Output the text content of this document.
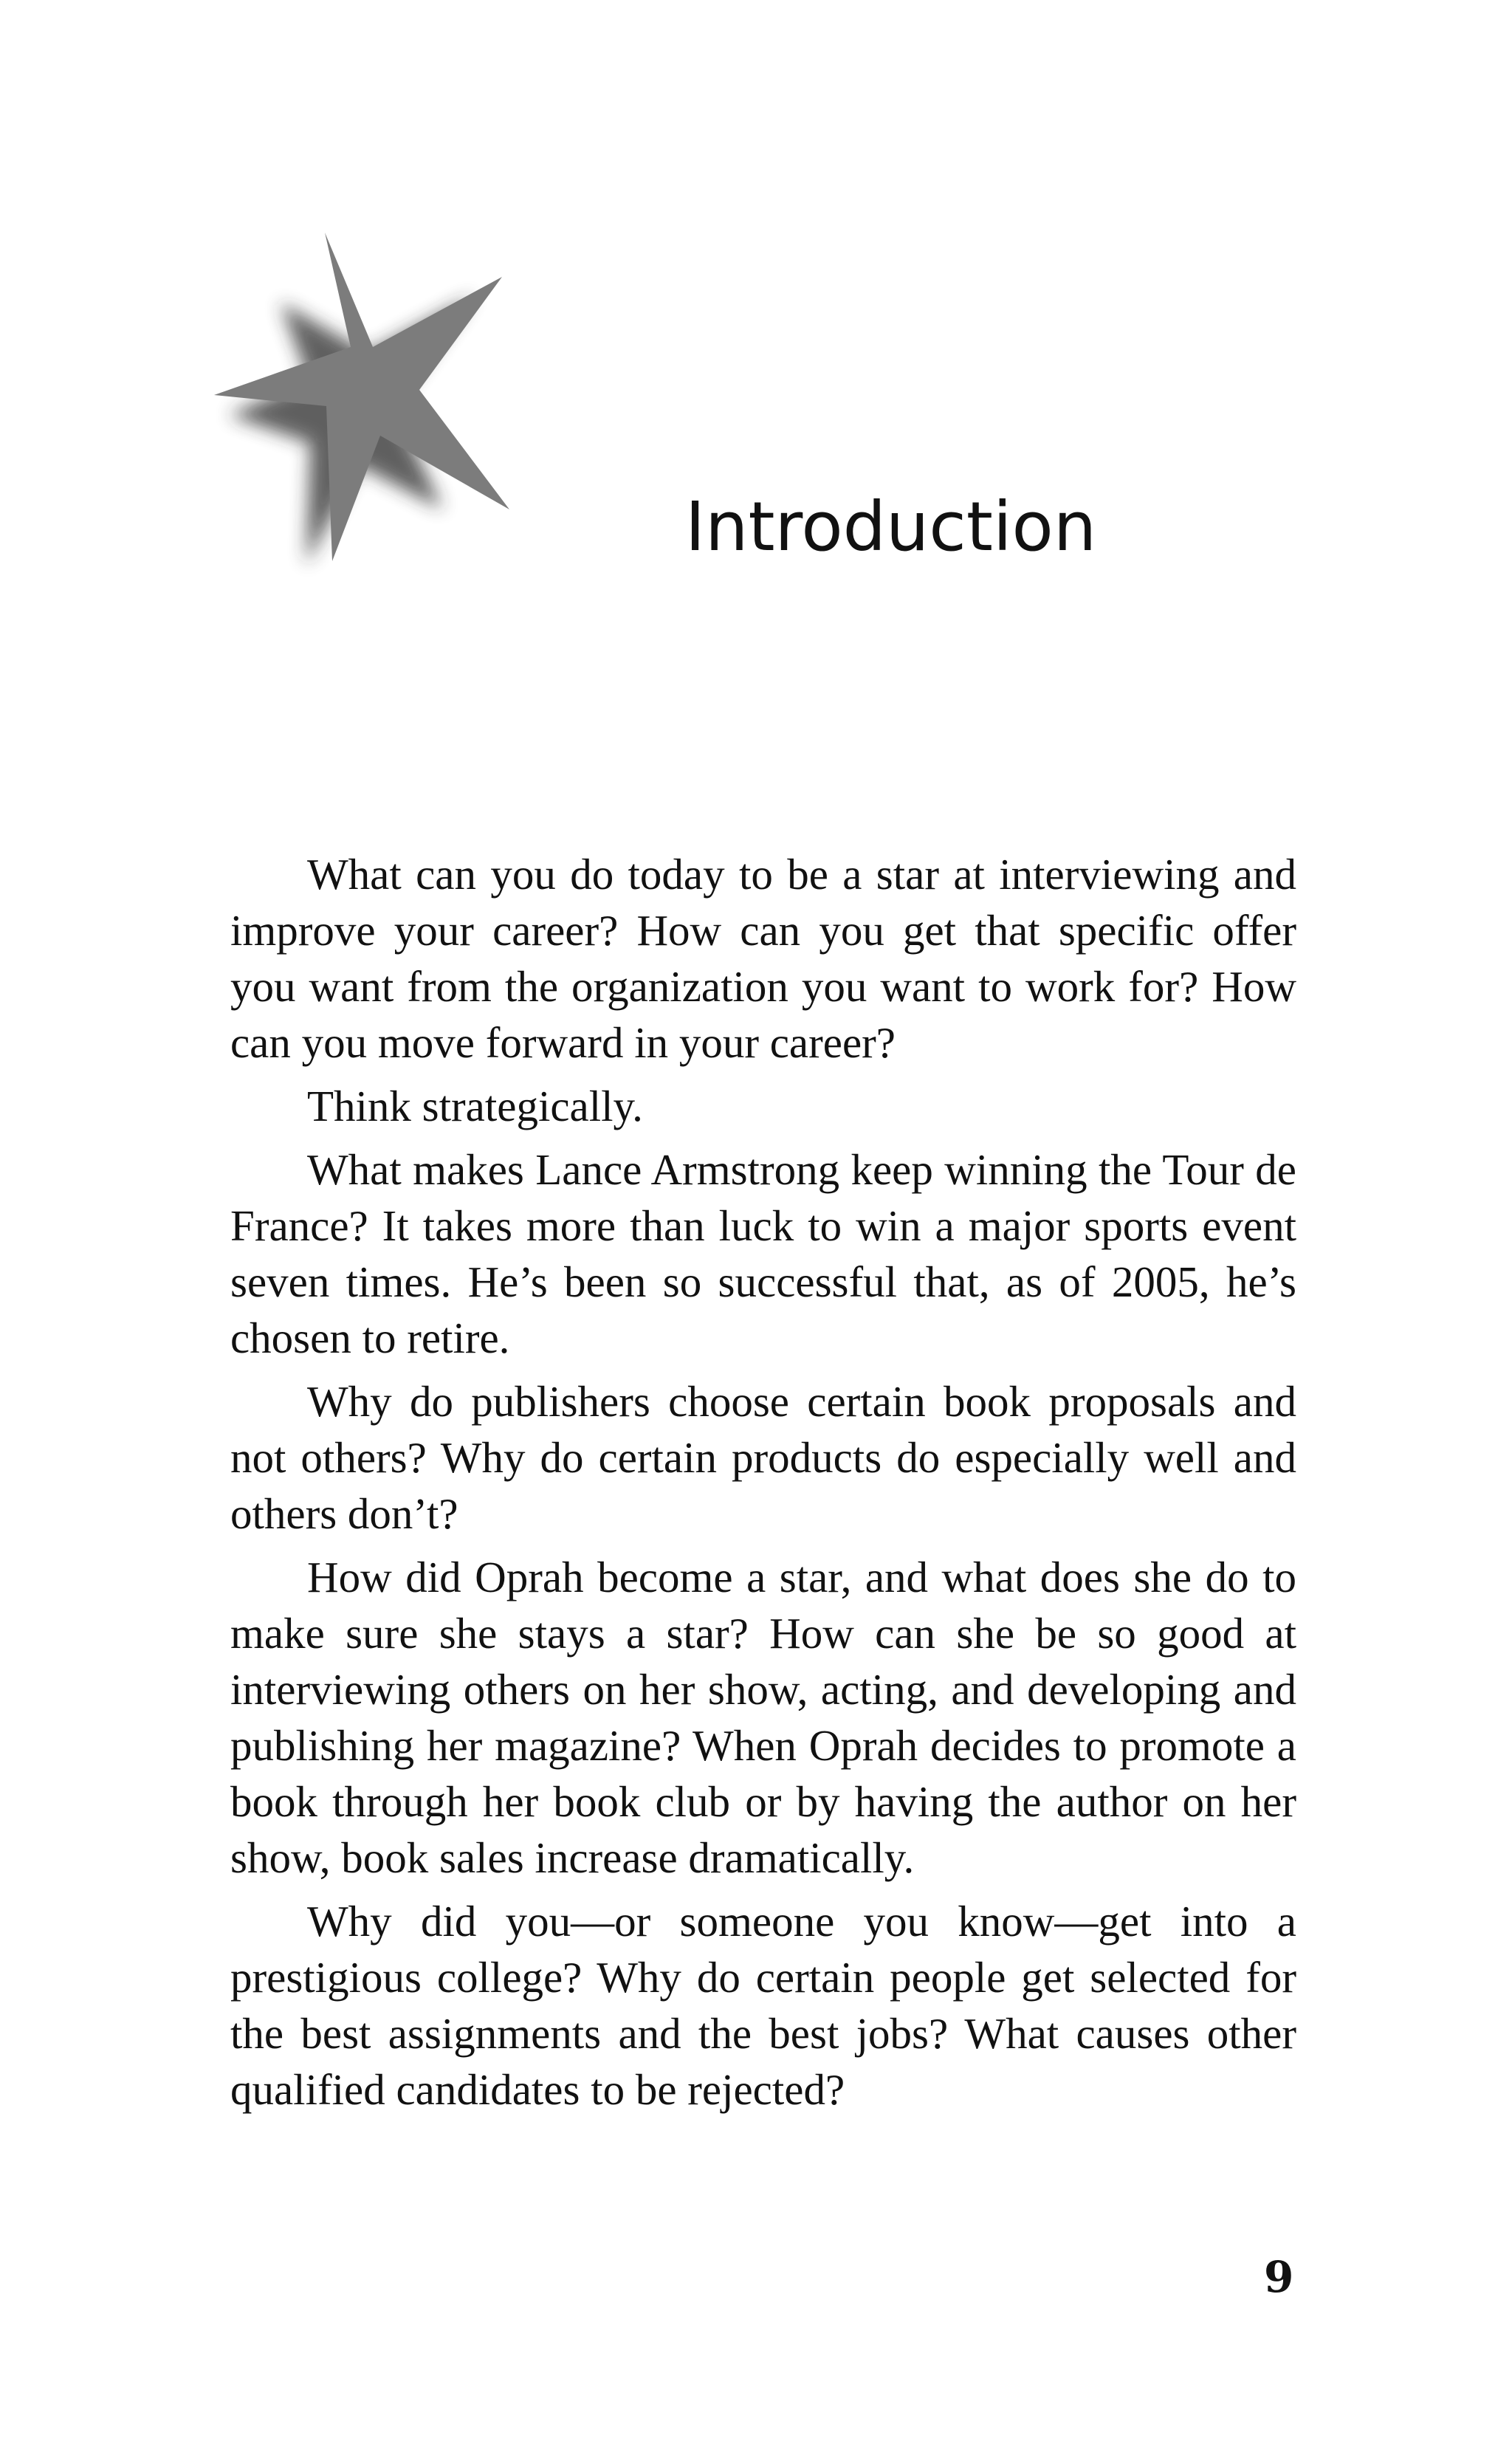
Introduction

What can you do today to be a star at interviewing and improve your career? How can you get that specific offer you want from the organization you want to work for? How can you move forward in your career?

Think strategically.

What makes Lance Armstrong keep winning the Tour de France? It takes more than luck to win a major sports event seven times. He’s been so successful that, as of 2005, he’s chosen to retire.

Why do publishers choose certain book proposals and not others? Why do certain products do especially well and others don’t?

How did Oprah become a star, and what does she do to make sure she stays a star? How can she be so good at interviewing others on her show, acting, and developing and publishing her magazine? When Oprah decides to promote a book through her book club or by having the author on her show, book sales increase dramatically.

Why did you—or someone you know—get into a prestigious college? Why do certain people get selected for the best assignments and the best jobs? What causes other qualified candidates to be rejected?

9
